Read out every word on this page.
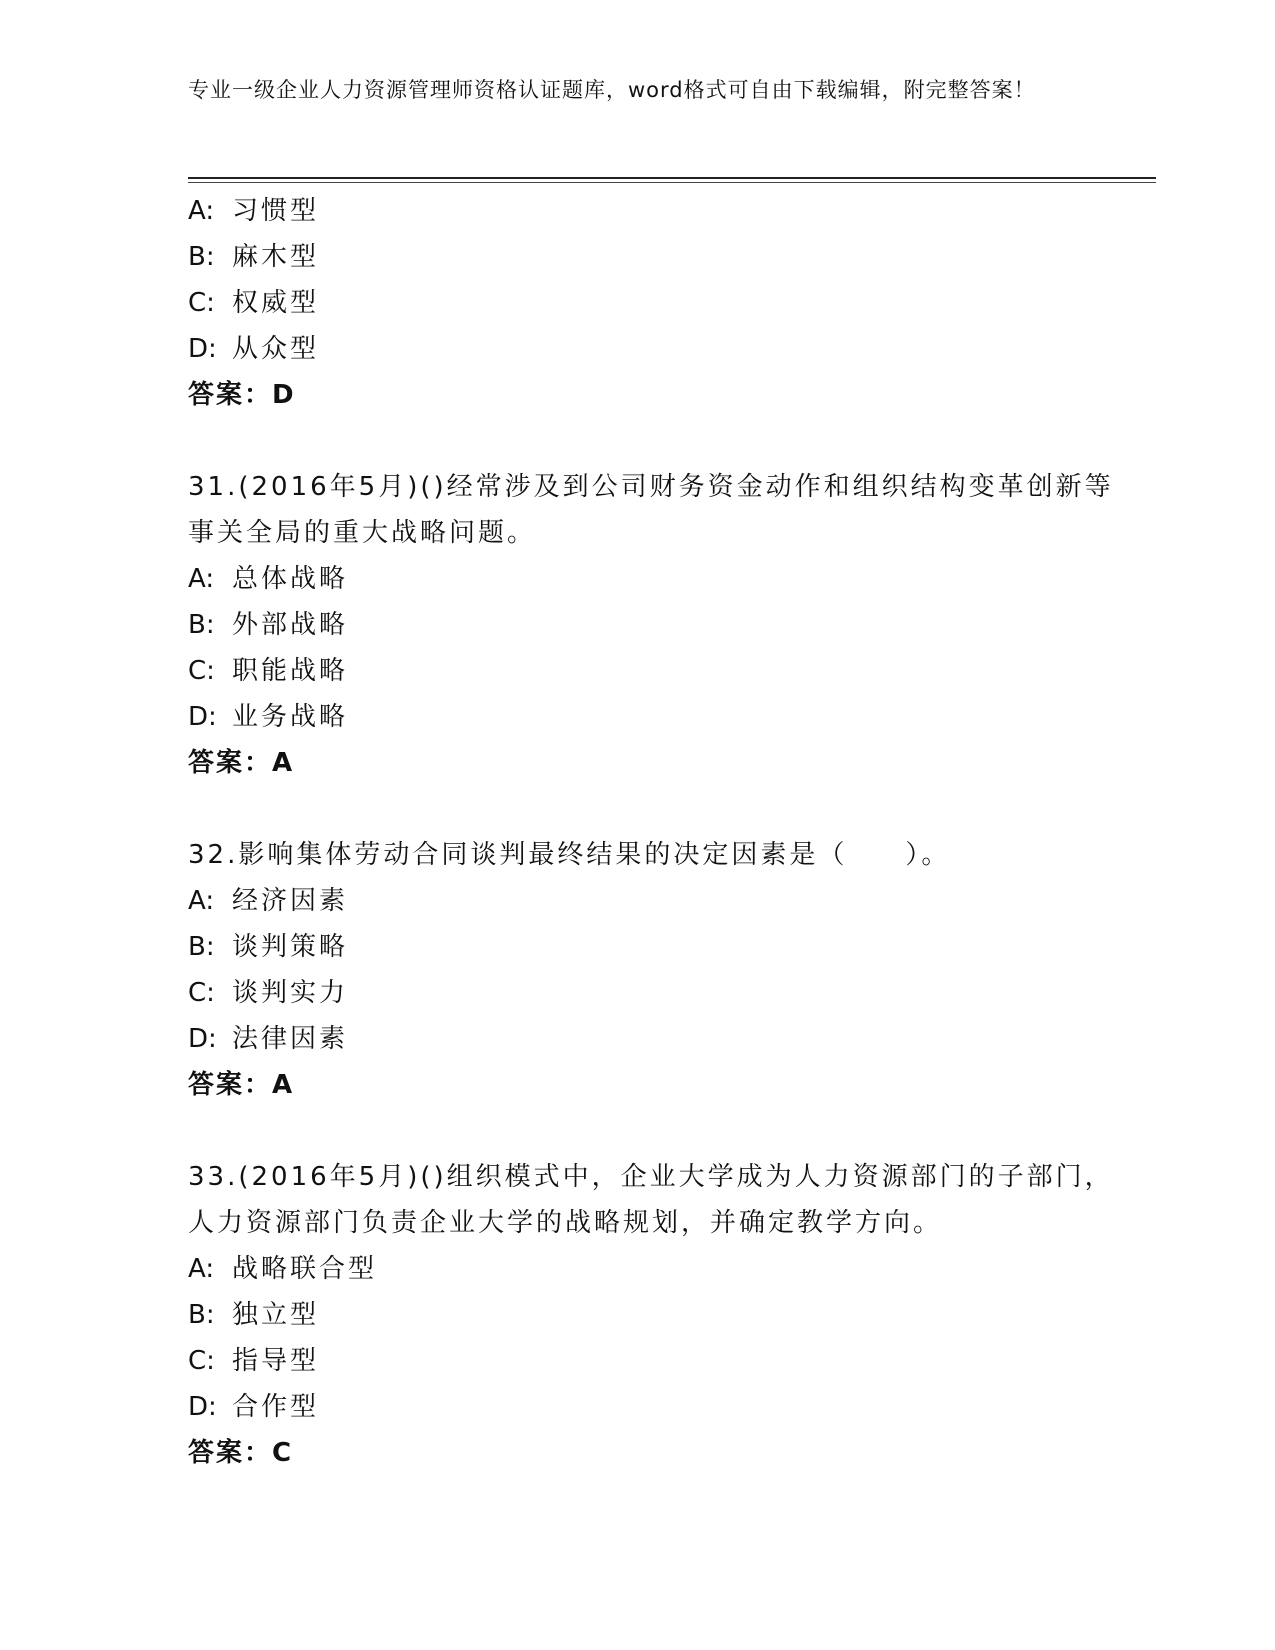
专业一级企业人力资源管理师资格认证题库，word格式可自由下载编辑，附完整答案！
A: 习惯型
B: 麻木型
C: 权威型
D: 从众型
答案：D
31.(2016年5月)()经常涉及到公司财务资金动作和组织结构变革创新等事关全局的重大战略问题。
A: 总体战略
B: 外部战略
C: 职能战略
D: 业务战略
答案：A
32.影响集体劳动合同谈判最终结果的决定因素是（　　）。
A: 经济因素
B: 谈判策略
C: 谈判实力
D: 法律因素
答案：A
33.(2016年5月)()组织模式中，企业大学成为人力资源部门的子部门，人力资源部门负责企业大学的战略规划，并确定教学方向。
A: 战略联合型
B: 独立型
C: 指导型
D: 合作型
答案：C
